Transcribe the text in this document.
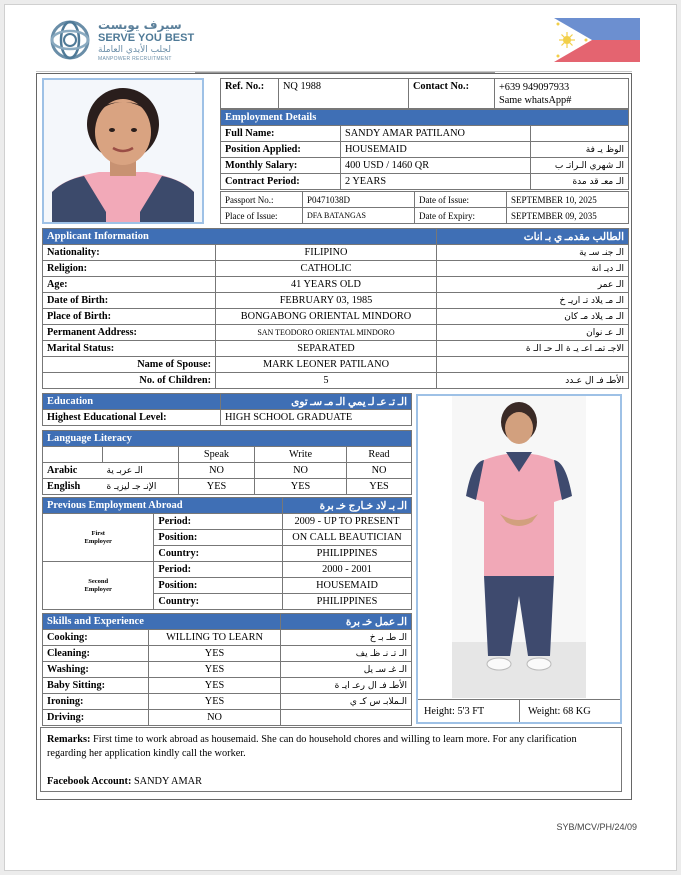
سيرف يوبست
SERVE YOU BEST
لجلب الأيدي العاملة
MANPOWER RECRUITMENT
Ref. No.:	NQ 1988	Contact No.:	+639 949097933
Same whatsApp#
Employment Details		
Full Name:	SANDY AMAR PATILANO	
Position Applied:	HOUSEMAID	الوظ يـ فة
Monthly Salary:	400 USD / 1460 QR	الـ شهري الـراتـ ب
Contract Period:	2 YEARS	الـ معـ قد مدة
Passport No.:	P0471038D	Date of Issue:	SEPTEMBER 10, 2025
Place of Issue:	DFA BATANGAS	Date of Expiry:	SEPTEMBER 09, 2035
Applicant Information		الطالب مقدمـ ي بـ انات
Nationality:	FILIPINO	الـ جنـ سـ ية
Religion:	CATHOLIC	الـ ديـ انة
Age:	41 YEARS OLD	الـ عمر
Date of Birth:	FEBRUARY 03, 1985	الـ مـ يلاد تـ اريـ خ
Place of Birth:	BONGABONG ORIENTAL MINDORO	الـ مـ يلاد مـ كان
Permanent Address:	SAN TEODORO ORIENTAL MINDORO	الـ عـ نوان
Marital Status:	SEPARATED	الاجـ تمـ اعـ يـ ة الـ حـ الـ ة
Name of Spouse:	MARK LEONER PATILANO	
No. of Children:	5	الأطـ فـ ال عـدد
Education	الـ تـ عـ لـ يمي الـ مـ سـ توى
Highest Educational Level:	HIGH SCHOOL GRADUATE
Language Literacy				
		Speak	Write	Read
Arabic	الـ عربـ ية	NO	NO	NO
English	الإنـ جـ ليزيـ ة	YES	YES	YES
Previous Employment Abroad		الـ بـ لاد خـارج خـ برة
First
Employer	Period:	2009 - UP TO PRESENT
	Position:	ON CALL BEAUTICIAN
	Country:	PHILIPPINES
Second
Employer	Period:	2000 - 2001
	Position:	HOUSEMAID
	Country:	PHILIPPINES
Skills and Experience		الـ عمل خـ برة
Cooking:	WILLING TO LEARN	الـ طـ بـ خ
Cleaning:	YES	الـ تـ نـ ظـ يف
Washing:	YES	الـ غـ سـ يل
Baby Sitting:	YES	الأطـ فـ ال رعـ ايـ ة
Ironing:	YES	الـملابـ س كـ ي
Driving:	NO	
Height: 5'3 FT	Weight: 68 KG
Remarks: First time to work abroad as housemaid. She can do household chores and willing to learn more. For any clarification regarding her application kindly call the worker.
Facebook Account: SANDY AMAR
SYB/MCV/PH/24/09
